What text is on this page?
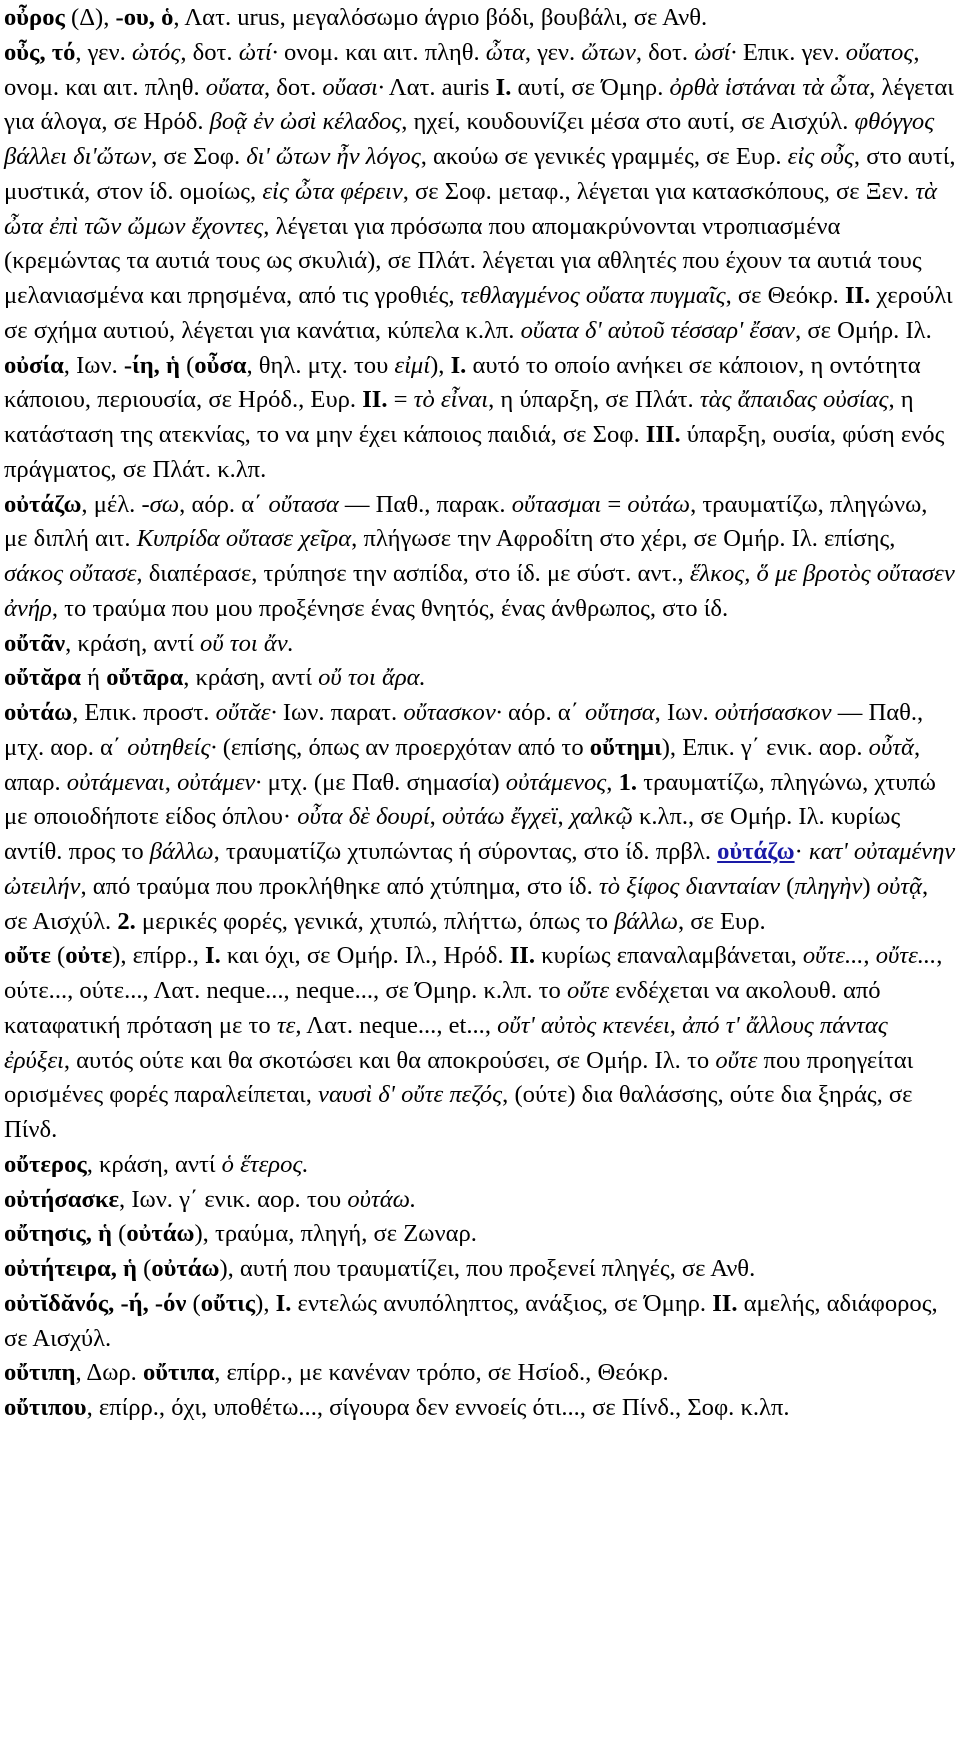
οὖρος (Δ), -ου, ὁ, Λατ. urus, μεγαλόσωμο άγριο βόδι, βουβάλι, σε Ανθ.

οὖς, τό, γεν. ὠτός, δοτ. ὠτί· ονομ. και αιτ. πληθ. ὦτα, γεν. ὤτων, δοτ. ὠσί· Επικ. γεν. οὔατος, ονομ. και αιτ. πληθ. οὔατα, δοτ. οὔασι· Λατ. auris I. αυτί, σε Όμηρ. ὀρθὰ ἱστάναι τὰ ὦτα, λέγεται για άλογα, σε Ηρόδ. βοᾷ ἐν ὠσὶ κέλαδος, ηχεί, κουδουνίζει μέσα στο αυτί, σε Αισχύλ. φθόγγος βάλλει δι'ὤτων, σε Σοφ. δι' ὤτων ἦν λόγος, ακούω σε γενικές γραμμές, σε Ευρ. εἰς οὖς, στο αυτί, μυστικά, στον ίδ. ομοίως, εἰς ὦτα φέρειν, σε Σοφ. μεταφ., λέγεται για κατασκόπους, σε Ξεν. τὰ ὦτα ἐπὶ τῶν ὤμων ἔχοντες, λέγεται για πρόσωπα που απομακρύνονται ντροπιασμένα (κρεμώντας τα αυτιά τους ως σκυλιά), σε Πλάτ. λέγεται για αθλητές που έχουν τα αυτιά τους μελανιασμένα και πρησμένα, από τις γροθιές, τεθλαγμένος οὔατα πυγμαῖς, σε Θεόκρ. II. χερούλι σε σχήμα αυτιού, λέγεται για κανάτια, κύπελα κ.λπ. οὔατα δ' αὐτοῦ τέσσαρ' ἔσαν, σε Ομήρ. Ιλ.

οὐσία, Ιων. -ίη, ἡ (οὖσα, θηλ. μτχ. του εἰμί), I. αυτό το οποίο ανήκει σε κάποιον, η οντότητα κάποιου, περιουσία, σε Ηρόδ., Ευρ. II. = τὸ εἶναι, η ύπαρξη, σε Πλάτ. τὰς ἄπαιδας οὐσίας, η κατάσταση της ατεκνίας, το να μην έχει κάποιος παιδιά, σε Σοφ. III. ύπαρξη, ουσία, φύση ενός πράγματος, σε Πλάτ. κ.λπ.

οὐτάζω, μέλ. -σω, αόρ. α΄ οὔτασα — Παθ., παρακ. οὔτασμαι = οὐτάω, τραυματίζω, πληγώνω, με διπλή αιτ. Κυπρίδα οὔτασε χεῖρα, πλήγωσε την Αφροδίτη στο χέρι, σε Ομήρ. Ιλ. επίσης, σάκος οὔτασε, διαπέρασε, τρύπησε την ασπίδα, στο ίδ. με σύστ. αντ., ἕλκος, ὅ με βροτὸς οὔτασεν ἀνήρ, το τραύμα που μου προξένησε ένας θνητός, ένας άνθρωπος, στο ίδ.

οὔτᾶν, κράση, αντί οὔ τοι ἄν.

οὔτᾰρα ή οὔτᾱρα, κράση, αντί οὔ τοι ἄρα.

οὐτάω, Επικ. προστ. οὔτᾰε· Ιων. παρατ. οὔτασκον· αόρ. α΄ οὔτησα, Ιων. οὐτήσασκον — Παθ., μτχ. αορ. α΄ οὐτηθείς· (επίσης, όπως αν προερχόταν από το οὔτημι), Επικ. γ΄ ενικ. αορ. οὖτᾰ, απαρ. οὐτάμεναι, οὐτάμεν· μτχ. (με Παθ. σημασία) οὐτάμενος, 1. τραυματίζω, πληγώνω, χτυπώ με οποιοδήποτε είδος όπλου· οὖτα δὲ δουρί, οὐτάω ἔγχεϊ, χαλκῷ κ.λπ., σε Ομήρ. Ιλ. κυρίως αντίθ. προς το βάλλω, τραυματίζω χτυπώντας ή σύροντας, στο ίδ. πρβλ. οὐτάζω· κατ' οὐταμένην ὠτειλήν, από τραύμα που προκλήθηκε από χτύπημα, στο ίδ. τὸ ξίφος διανταίαν (πληγὴν) οὐτᾷ, σε Αισχύλ. 2. μερικές φορές, γενικά, χτυπώ, πλήττω, όπως το βάλλω, σε Ευρ.

οὔτε (οὐτε), επίρρ., I. και όχι, σε Ομήρ. Ιλ., Ηρόδ. II. κυρίως επαναλαμβάνεται, οὔτε..., οὔτε..., ούτε..., ούτε..., Λατ. neque..., neque..., σε Όμηρ. κ.λπ. το οὔτε ενδέχεται να ακολουθ. από καταφατική πρόταση με το τε, Λατ. neque..., et..., οὔτ' αὐτὸς κτενέει, ἀπό τ' ἄλλους πάντας ἐρύξει, αυτός ούτε και θα σκοτώσει και θα αποκρούσει, σε Ομήρ. Ιλ. το οὔτε που προηγείται ορισμένες φορές παραλείπεται, ναυσὶ δ' οὔτε πεζός, (ούτε) δια θαλάσσης, ούτε δια ξηράς, σε Πίνδ.

οὔτερος, κράση, αντί ὁ ἕτερος.

οὐτήσασκε, Ιων. γ΄ ενικ. αορ. του οὐτάω.

οὔτησις, ἡ (οὐτάω), τραύμα, πληγή, σε Ζωναρ.

οὐτήτειρα, ἡ (οὐτάω), αυτή που τραυματίζει, που προξενεί πληγές, σε Ανθ.

οὐτῐδᾰνός, -ή, -όν (οὔτις), I. εντελώς ανυπόληπτος, ανάξιος, σε Όμηρ. II. αμελής, αδιάφορος, σε Αισχύλ.

οὔτιπη, Δωρ. οὔτιπα, επίρρ., με κανέναν τρόπο, σε Ησίοδ., Θεόκρ.

οὔτιπου, επίρρ., όχι, υποθέτω..., σίγουρα δεν εννοείς ότι..., σε Πίνδ., Σοφ. κ.λπ.
